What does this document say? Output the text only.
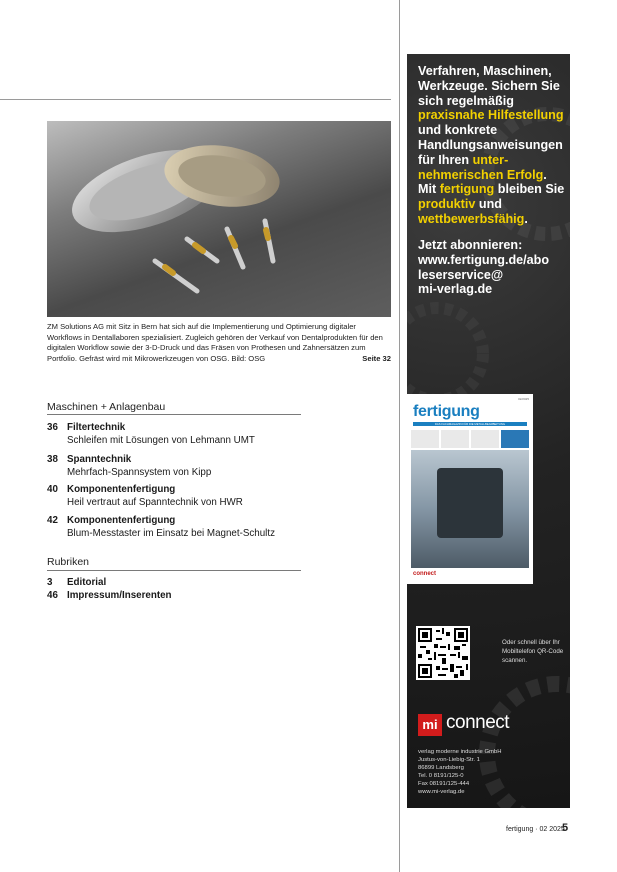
ZM Solutions AG mit Sitz in Bern hat sich auf die Implementierung und Optimierung digitaler Workflows in Dentallaboren spezialisiert. Zugleich gehören der Verkauf von Dentalprodukten für den digitalen Workflow sowie der 3-D-Druck und das Fräsen von Prothesen und Zahnersätzen zum Portfolio. Gefräst wird mit Mikrowerkzeugen von OSG. Bild: OSG	Seite 32
Maschinen + Anlagenbau
36 Filtertechnik
Schleifen mit Lösungen von Lehmann UMT
38 Spanntechnik
Mehrfach-Spannsystem von Kipp
40 Komponentenfertigung
Heil vertraut auf Spanntechnik von HWR
42 Komponentenfertigung
Blum-Messtaster im Einsatz bei Magnet-Schultz
Rubriken
3 Editorial
46 Impressum/Inserenten
Verfahren, Maschinen, Werkzeuge. Sichern Sie sich regelmäßig praxisnahe Hilfestellung und konkrete Handlungsanweisungen für Ihren unternehmerischen Erfolg. Mit fertigung bleiben Sie produktiv und wettbewerbsfähig.
Jetzt abonnieren:
www.fertigung.de/abo
leserservice@
mi-verlag.de
02/2025
fertigung
DAS FACHMAGAZIN FÜR DIE METALLBEARBEITUNG
connect
Oder schnell über Ihr Mobiltelefon QR-Code scannen.
mi connect
verlag moderne industrie GmbH
Justus-von-Liebig-Str. 1
86899 Landsberg
Tel. 0 8191/125-0
Fax 08191/125-444
www.mi-verlag.de
fertigung · 02 2025
5
